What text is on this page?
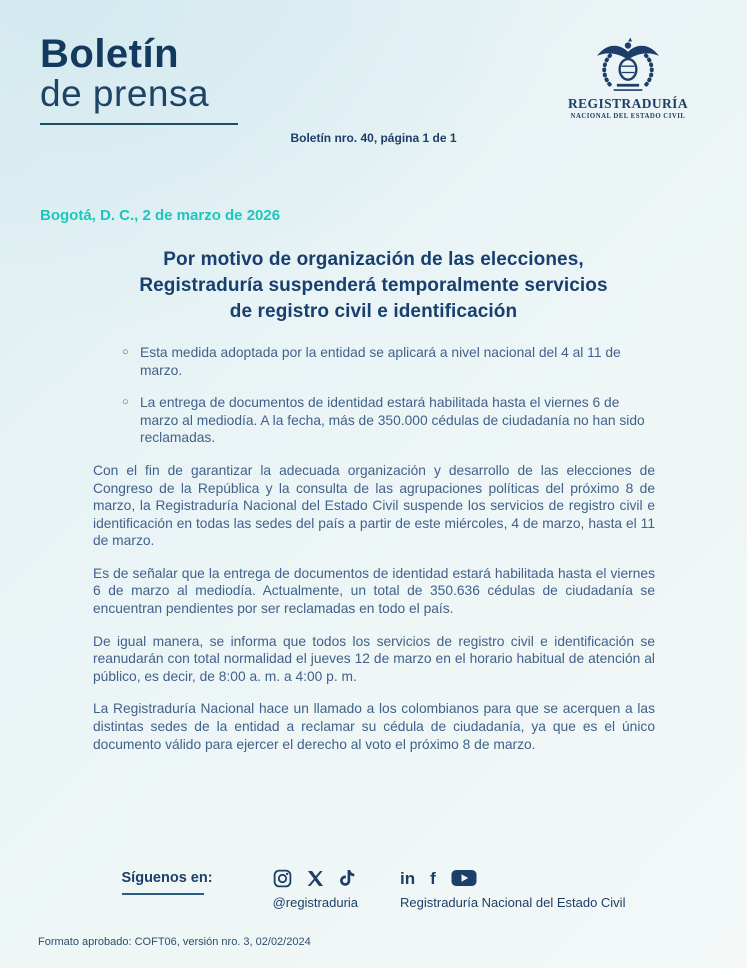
Boletín
de prensa	REGISTRADURÍA
NACIONAL DEL ESTADO CIVIL
Boletín nro. 40, página 1 de 1

Bogotá, D. C., 2 de marzo de 2026

Por motivo de organización de las elecciones,
Registraduría suspenderá temporalmente servicios
de registro civil e identificación
○ Esta medida adoptada por la entidad se aplicará a nivel nacional del 4 al 11 de marzo.
○ La entrega de documentos de identidad estará habilitada hasta el viernes 6 de marzo al mediodía. A la fecha, más de 350.000 cédulas de ciudadanía no han sido reclamadas.

Con el fin de garantizar la adecuada organización y desarrollo de las elecciones de Congreso de la República y la consulta de las agrupaciones políticas del próximo 8 de marzo, la Registraduría Nacional del Estado Civil suspende los servicios de registro civil e identificación en todas las sedes del país a partir de este miércoles, 4 de marzo, hasta el 11 de marzo.

Es de señalar que la entrega de documentos de identidad estará habilitada hasta el viernes 6 de marzo al mediodía. Actualmente, un total de 350.636 cédulas de ciudadanía se encuentran pendientes por ser reclamadas en todo el país.

De igual manera, se informa que todos los servicios de registro civil e identificación se reanudarán con total normalidad el jueves 12 de marzo en el horario habitual de atención al público, es decir, de 8:00 a. m. a 4:00 p. m.

La Registraduría Nacional hace un llamado a los colombianos para que se acerquen a las distintas sedes de la entidad a reclamar su cédula de ciudadanía, ya que es el único documento válido para ejercer el derecho al voto el próximo 8 de marzo.

Síguenos en:
@registraduria
in f
Registraduría Nacional del Estado Civil
Formato aprobado: COFT06, versión nro. 3, 02/02/2024
